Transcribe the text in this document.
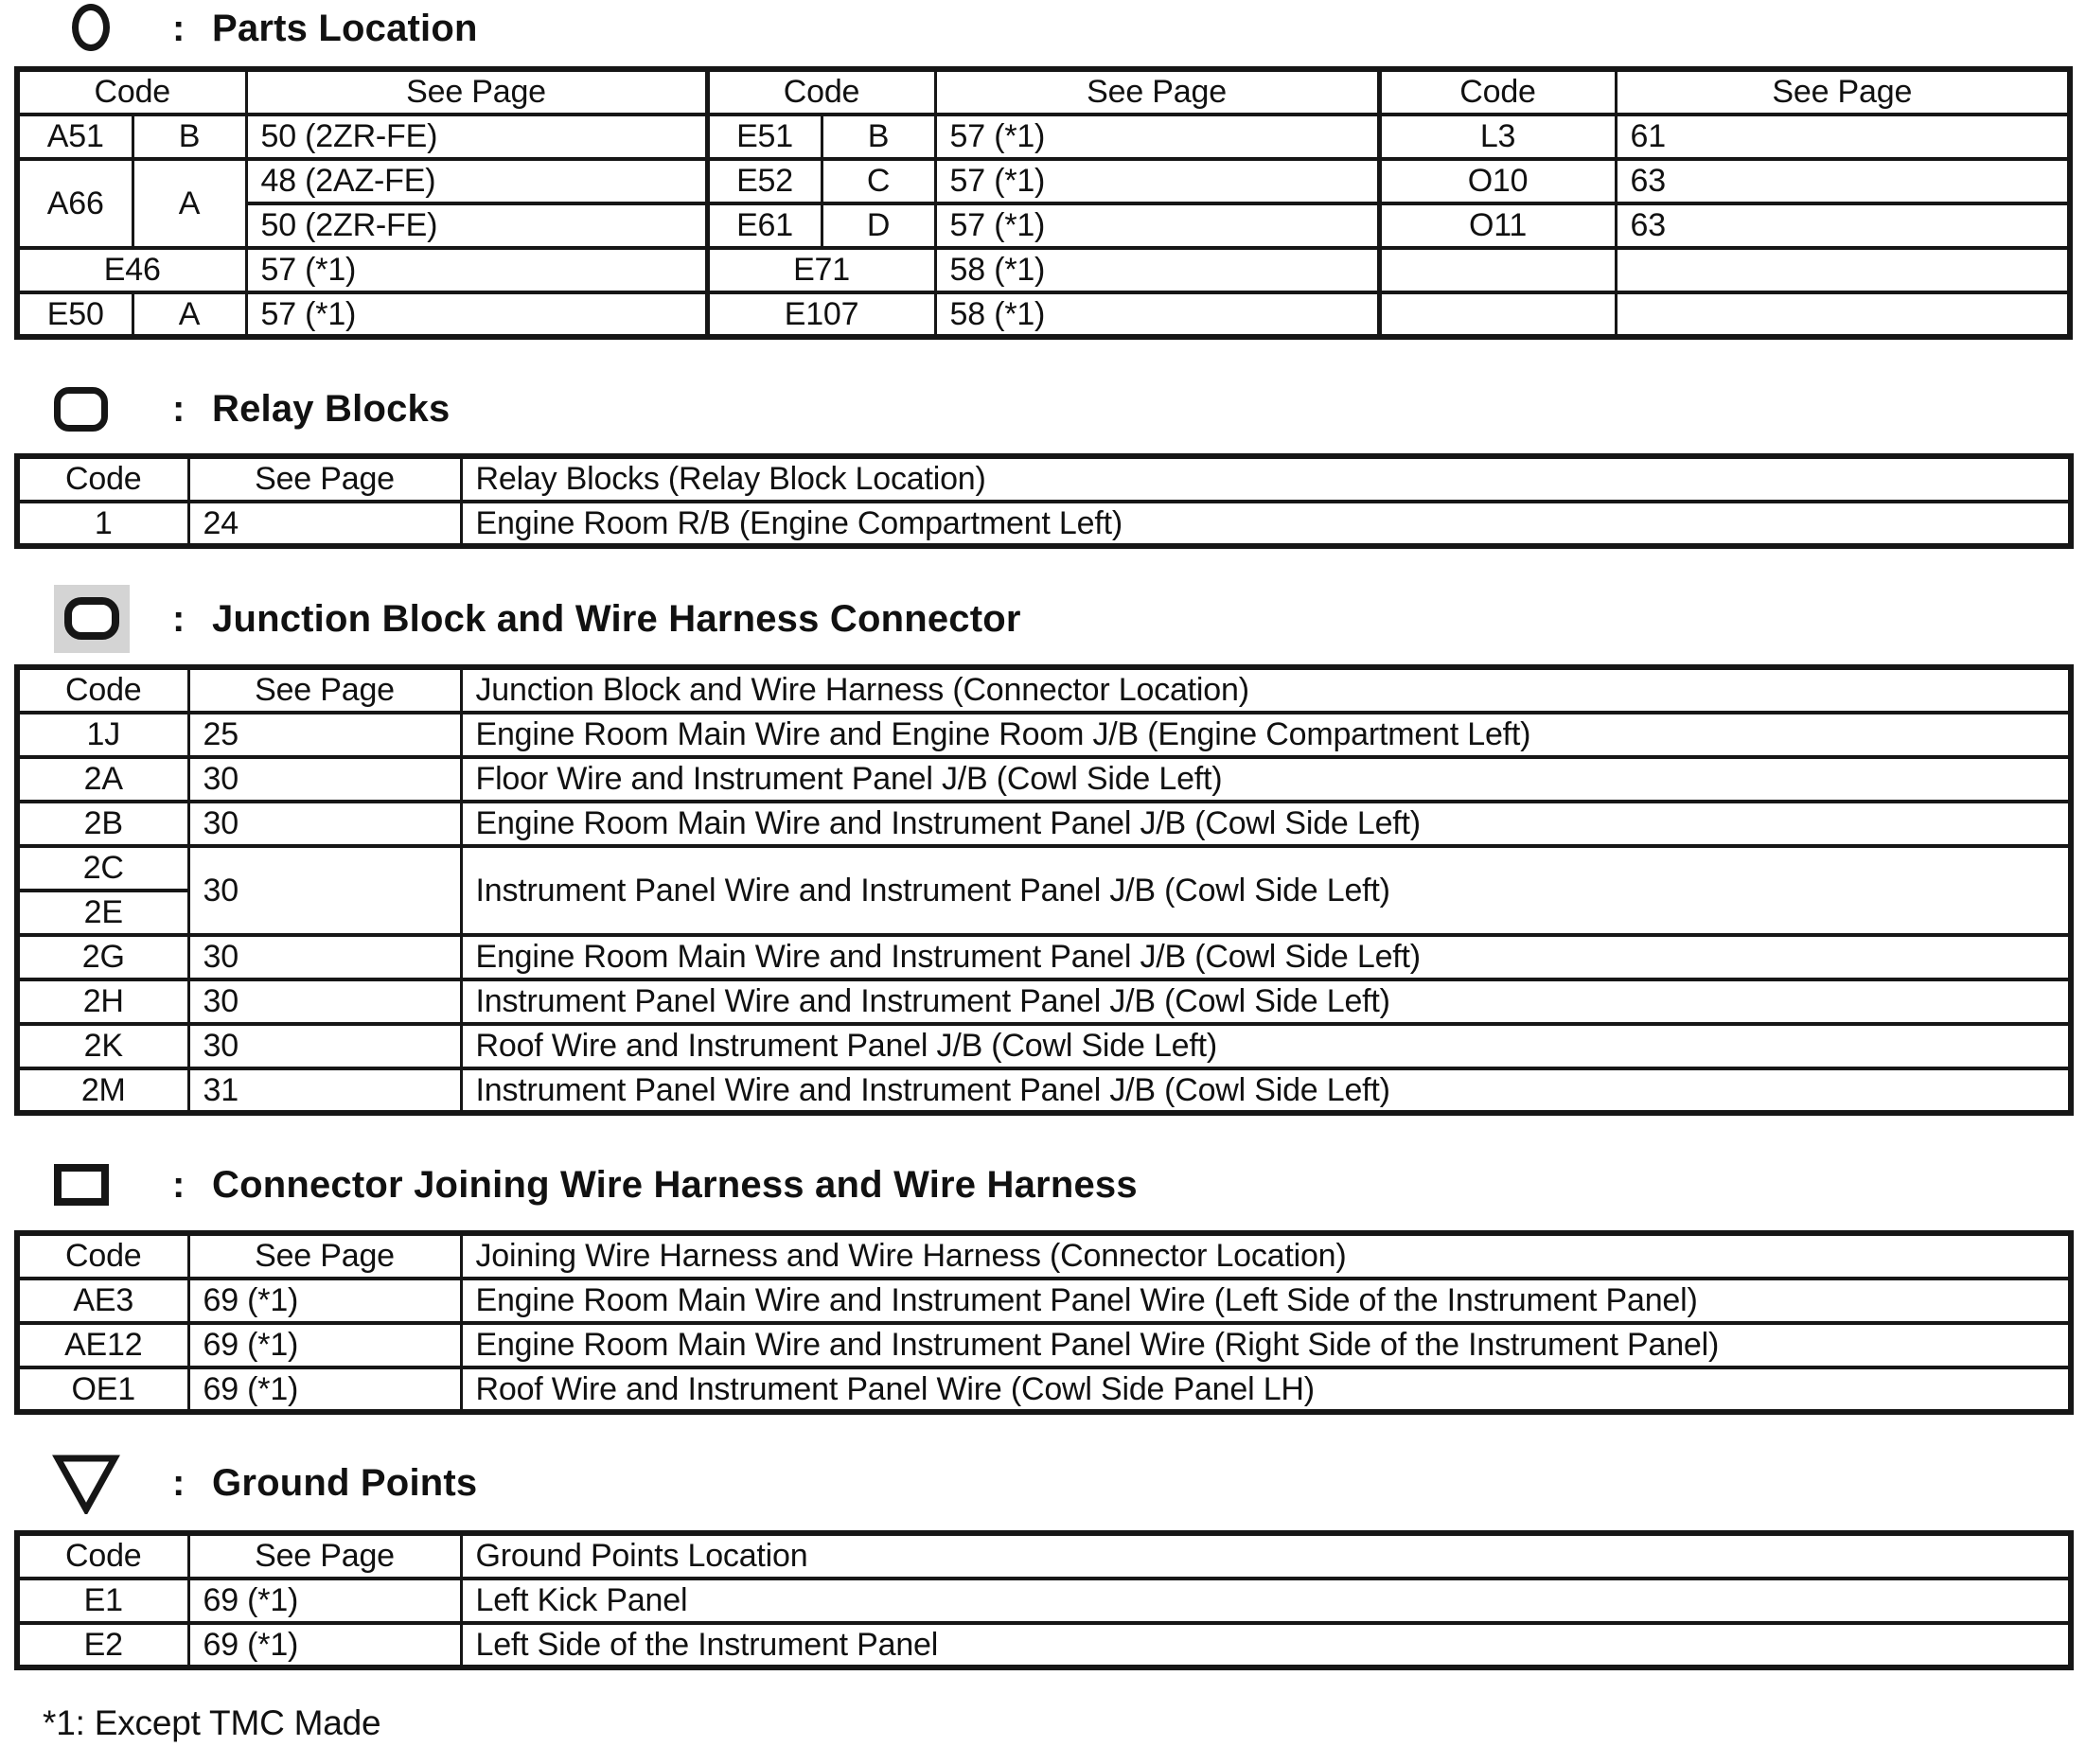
: Parts Location
Code		See Page	Code		See Page	Code	See Page
A51	B	50 (2ZR-FE)	E51	B	57 (*1)	L3	61
A66	A	48 (2AZ-FE)	E52	C	57 (*1)	O10	63
		50 (2ZR-FE)	E61	D	57 (*1)	O11	63
E46		57 (*1)	E71		58 (*1)		
E50	A	57 (*1)	E107		58 (*1)		
: Relay Blocks
Code	See Page	Relay Blocks (Relay Block Location)
1	24	Engine Room R/B (Engine Compartment Left)
: Junction Block and Wire Harness Connector
Code	See Page	Junction Block and Wire Harness (Connector Location)
1J	25	Engine Room Main Wire and Engine Room J/B (Engine Compartment Left)
2A	30	Floor Wire and Instrument Panel J/B (Cowl Side Left)
2B	30	Engine Room Main Wire and Instrument Panel J/B (Cowl Side Left)
2C	30	Instrument Panel Wire and Instrument Panel J/B (Cowl Side Left)
2E		
2G	30	Engine Room Main Wire and Instrument Panel J/B (Cowl Side Left)
2H	30	Instrument Panel Wire and Instrument Panel J/B (Cowl Side Left)
2K	30	Roof Wire and Instrument Panel J/B (Cowl Side Left)
2M	31	Instrument Panel Wire and Instrument Panel J/B (Cowl Side Left)
: Connector Joining Wire Harness and Wire Harness
Code	See Page	Joining Wire Harness and Wire Harness (Connector Location)
AE3	69 (*1)	Engine Room Main Wire and Instrument Panel Wire (Left Side of the Instrument Panel)
AE12	69 (*1)	Engine Room Main Wire and Instrument Panel Wire (Right Side of the Instrument Panel)
OE1	69 (*1)	Roof Wire and Instrument Panel Wire (Cowl Side Panel LH)
: Ground Points
Code	See Page	Ground Points Location
E1	69 (*1)	Left Kick Panel
E2	69 (*1)	Left Side of the Instrument Panel
*1: Except TMC Made
